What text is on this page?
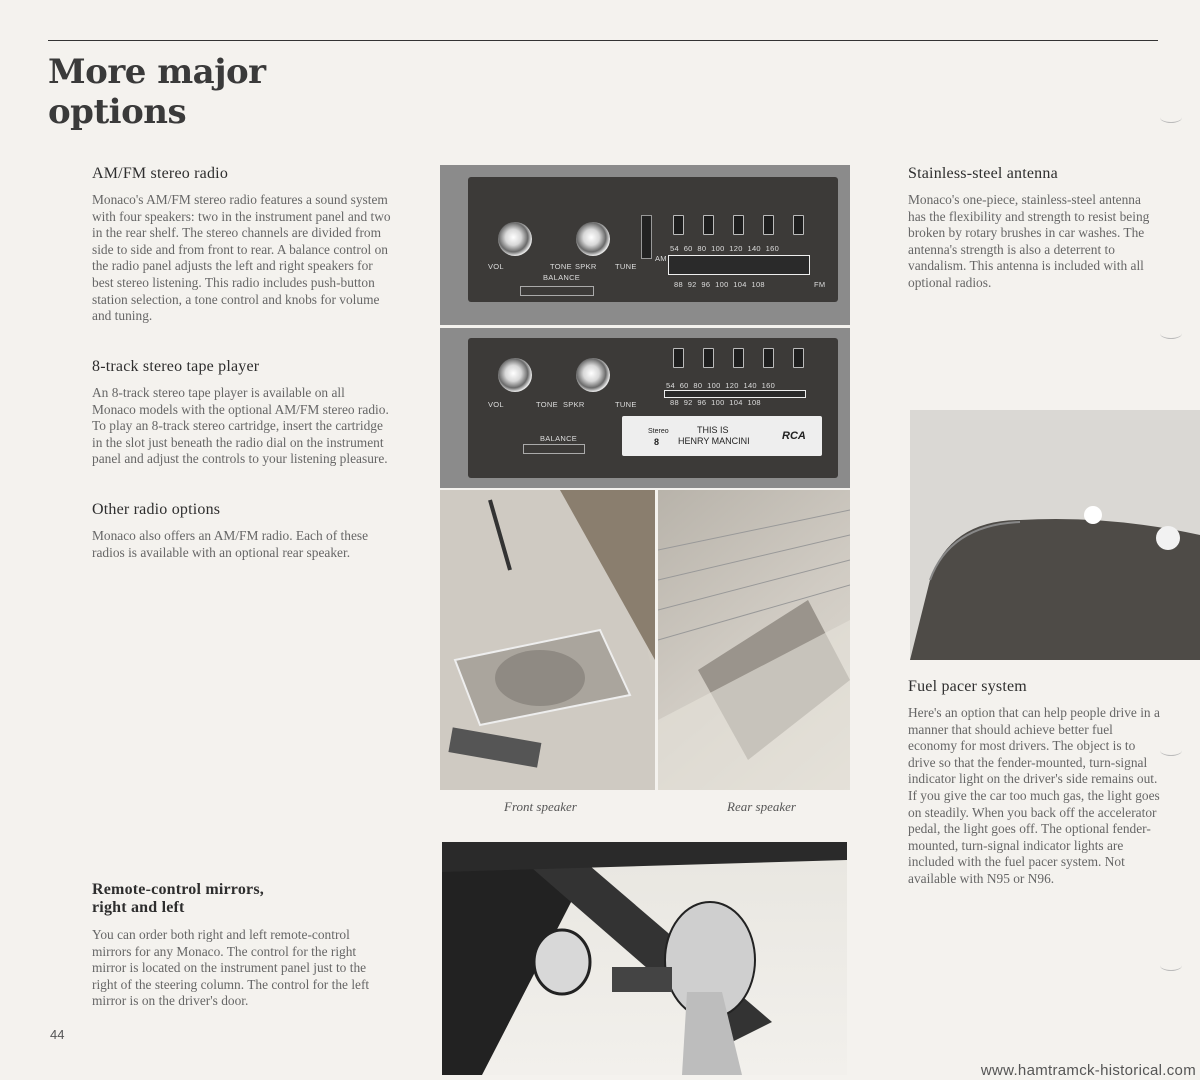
More major
options
AM/FM stereo radio

Monaco's AM/FM stereo radio features a sound system with four speakers: two in the instrument panel and two in the rear shelf. The stereo channels are divided from side to side and from front to rear. A balance control on the radio panel adjusts the left and right speakers for best stereo listening. This radio includes push-button station selection, a tone control and knobs for volume and tuning.

8-track stereo tape player

An 8-track stereo tape player is available on all Monaco models with the optional AM/FM stereo radio. To play an 8-track stereo cartridge, insert the cartridge in the slot just beneath the radio dial on the instrument panel and adjust the controls to your listening pleasure.

Other radio options

Monaco also offers an AM/FM radio. Each of these radios is available with an optional rear speaker.

Remote-control mirrors,
right and left

You can order both right and left remote-control mirrors for any Monaco. The control for the right mirror is located on the instrument panel just to the right of the steering column. The control for the left mirror is on the driver's door.

Stainless-steel antenna

Monaco's one-piece, stainless-steel antenna has the flexibility and strength to resist being broken by rotary brushes in car washes. The antenna's strength is also a deterrent to vandalism. This antenna is included with all optional radios.

Fuel pacer system

Here's an option that can help people drive in a manner that should achieve better fuel economy for most drivers. The object is to drive so that the fender-mounted, turn-signal indicator light on the driver's side remains out. If you give the car too much gas, the light goes on steadily. When you back off the accelerator pedal, the light goes off. The optional fender-mounted, turn-signal indicator lights are included with the fuel pacer system. Not available with N95 or N96.

VOL	TONE SPKR TUNE
BALANCE
AM
54  60  80  100  120  140  160
88  92  96  100  104  108	FM
VOL	TONE SPKR	TUNE
54  60  80  100  120  140  160
88  92  96  100  104  108
BALANCE
Stereo
8
THIS IS
HENRY MANCINI	RCA
Front speaker	Rear speaker
44
www.hamtramck-historical.com
